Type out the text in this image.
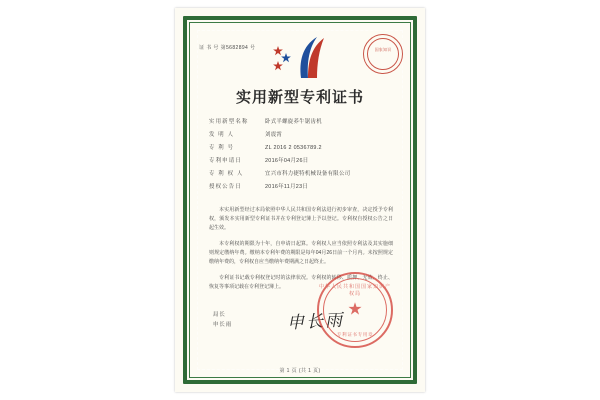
证 书 号 第5682894 号	国家知识
实用新型专利证书
实用新型名称	卧式半螺旋养牛锯齿机
发 明 人	刘震霄
专 利 号	ZL 2016 2 0536789.2
专利申请日	2016年04月26日
专 利 权 人	宜兴市科力捷特机械设备有限公司
授权公告日	2016年11月23日

本实用新型经过本局依照中华人民共和国专利法进行初步审查，决定授予专利权，颁发本实用新型专利证书并在专利登记簿上予以登记。专利权自授权公告之日起生效。

本专利权的期限为十年，自申请日起算。专利权人应当依照专利法及其实施细则规定缴纳年费。缴纳本专利年费的期限是每年04月26日前一个月内。未按照规定缴纳年费的，专利权自应当缴纳年费期满之日起终止。

专利证书记载专利权登记时的法律状况。专利权的转移、质押、无效、终止、恢复等事项记载在专利登记簿上。

局长
申长雨	申长雨
中华人民共和国国家知识产权局
★
专利证书专用章
第 1 页 (共 1 页)
